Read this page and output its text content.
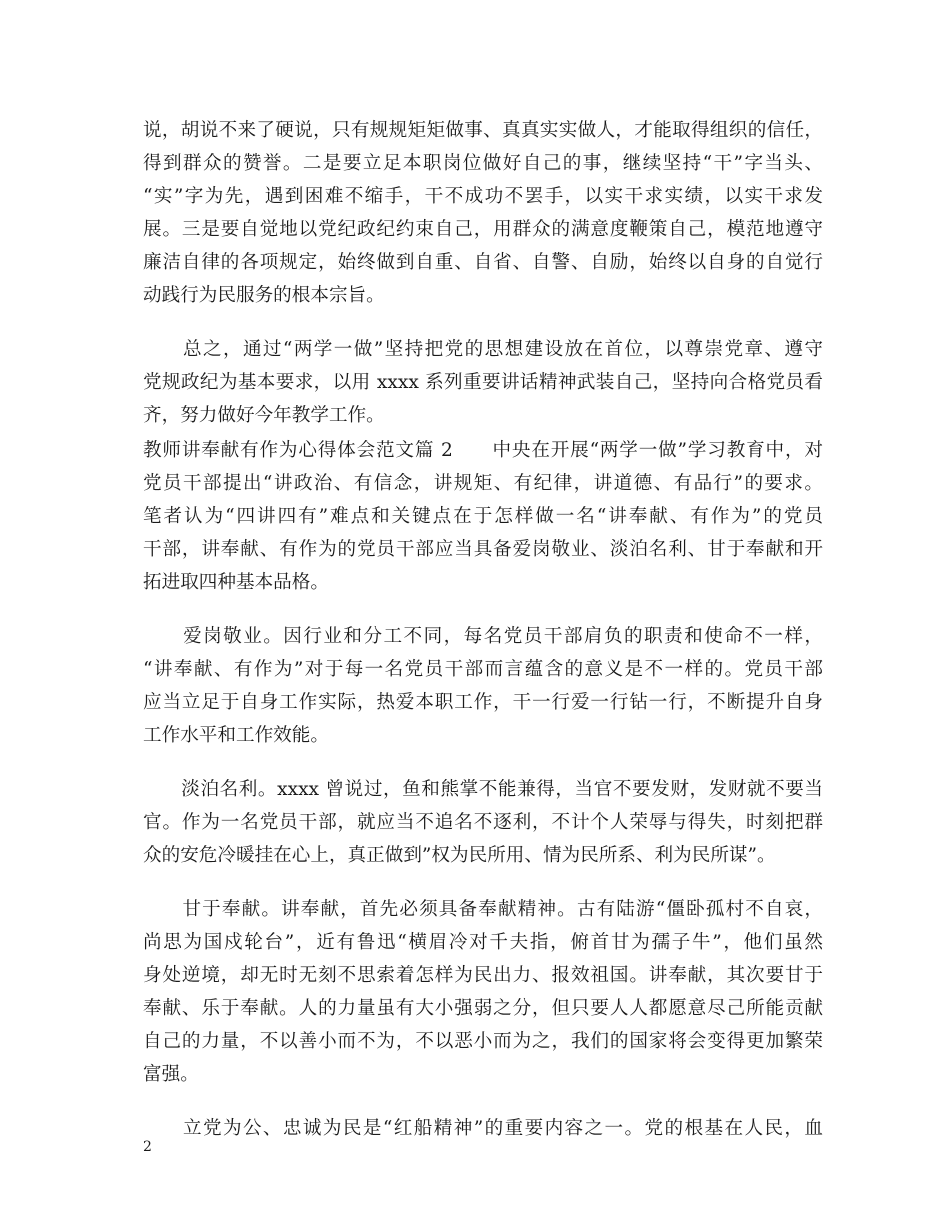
说，胡说不来了硬说，只有规规矩矩做事、真真实实做人，才能取得组织的信任，
得到群众的赞誉。二是要立足本职岗位做好自己的事，继续坚持“干”字当头、
“实”字为先，遇到困难不缩手，干不成功不罢手，以实干求实绩，以实干求发
展。三是要自觉地以党纪政纪约束自己，用群众的满意度鞭策自己，模范地遵守
廉洁自律的各项规定，始终做到自重、自省、自警、自励，始终以自身的自觉行
动践行为民服务的根本宗旨。
　　总之，通过“两学一做”坚持把党的思想建设放在首位，以尊崇党章、遵守
党规政纪为基本要求，以用 xxxx 系列重要讲话精神武装自己，坚持向合格党员看
齐，努力做好今年教学工作。
教师讲奉献有作为心得体会范文篇 2　　中央在开展“两学一做”学习教育中，对
党员干部提出“讲政治、有信念，讲规矩、有纪律，讲道德、有品行”的要求。
笔者认为“四讲四有”难点和关键点在于怎样做一名“讲奉献、有作为”的党员
干部，讲奉献、有作为的党员干部应当具备爱岗敬业、淡泊名利、甘于奉献和开
拓进取四种基本品格。
　　爱岗敬业。因行业和分工不同，每名党员干部肩负的职责和使命不一样，
“讲奉献、有作为”对于每一名党员干部而言蕴含的意义是不一样的。党员干部
应当立足于自身工作实际，热爱本职工作，干一行爱一行钻一行，不断提升自身
工作水平和工作效能。
　　淡泊名利。xxxx 曾说过，鱼和熊掌不能兼得，当官不要发财，发财就不要当
官。作为一名党员干部，就应当不追名不逐利，不计个人荣辱与得失，时刻把群
众的安危冷暖挂在心上，真正做到”权为民所用、情为民所系、利为民所谋”。
　　甘于奉献。讲奉献，首先必须具备奉献精神。古有陆游“僵卧孤村不自哀，
尚思为国戍轮台”，近有鲁迅“横眉冷对千夫指，俯首甘为孺子牛”，他们虽然
身处逆境，却无时无刻不思索着怎样为民出力、报效祖国。讲奉献，其次要甘于
奉献、乐于奉献。人的力量虽有大小强弱之分，但只要人人都愿意尽己所能贡献
自己的力量，不以善小而不为，不以恶小而为之，我们的国家将会变得更加繁荣
富强。
　　立党为公、忠诚为民是“红船精神”的重要内容之一。党的根基在人民，血
2
